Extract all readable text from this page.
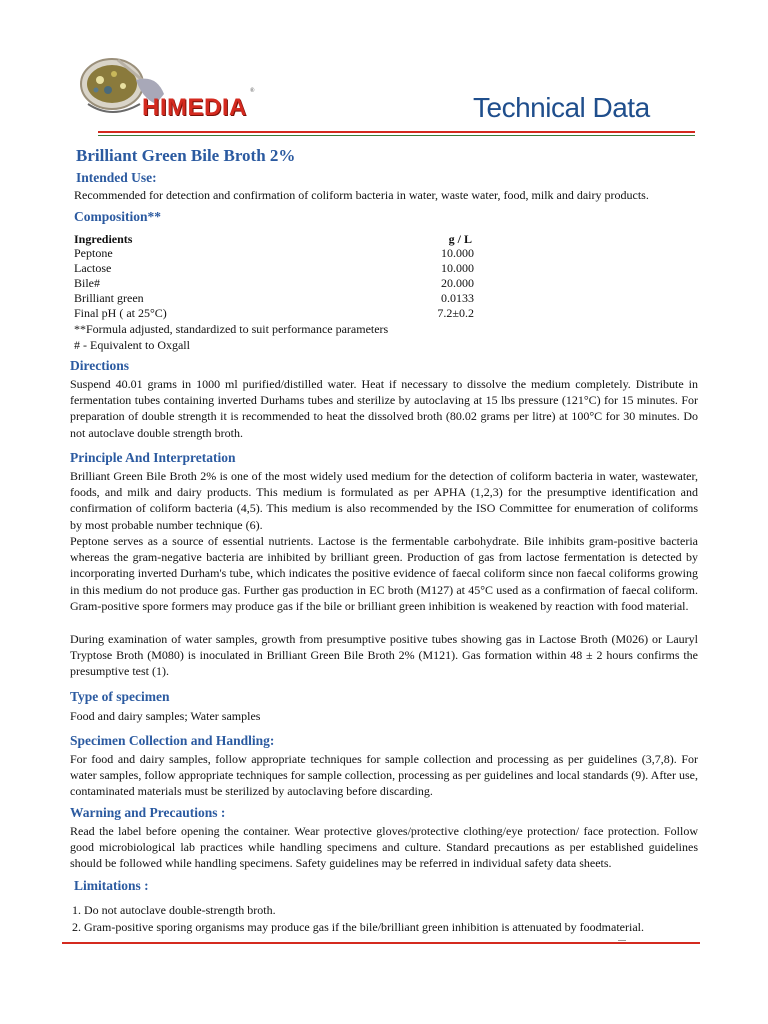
HIMEDIA
®
Technical Data
Brilliant Green Bile Broth 2%
Intended Use:
Recommended for detection and confirmation of coliform bacteria in water, waste water, food, milk and dairy products.
Composition**
Ingredients	g / L
Peptone	10.000
Lactose	10.000
Bile#	20.000
Brilliant green	0.0133
Final pH ( at 25°C)	7.2±0.2
**Formula adjusted, standardized to suit performance parameters
# - Equivalent to Oxgall
Directions
Suspend 40.01 grams in 1000 ml purified/distilled water. Heat if necessary to dissolve the medium completely. Distribute in fermentation tubes containing inverted Durhams tubes and sterilize by autoclaving at 15 lbs pressure (121°C) for 15 minutes. For preparation of double strength it is recommended to heat the dissolved broth (80.02 grams per litre) at 100°C for 30 minutes. Do not autoclave double strength broth.
Principle And Interpretation
Brilliant Green Bile Broth 2% is one of the most widely used medium for the detection of coliform bacteria in water, wastewater, foods, and milk and dairy products. This medium is formulated as per APHA (1,2,3) for the presumptive identification and confirmation of coliform bacteria (4,5). This medium is also recommended by the ISO Committee for enumeration of coliforms by most probable number technique (6).
Peptone serves as a source of essential nutrients. Lactose is the fermentable carbohydrate. Bile inhibits gram-positive bacteria whereas the gram-negative bacteria are inhibited by brilliant green. Production of gas from lactose fermentation is detected by incorporating inverted Durham's tube, which indicates the positive evidence of faecal coliform since non faecal coliforms growing in this medium do not produce gas. Further gas production in EC broth (M127) at 45°C used as a confirmation of faecal coliform. Gram-positive spore formers may produce gas if the bile or brilliant green inhibition is weakened by reaction with food material.
During examination of water samples, growth from presumptive positive tubes showing gas in Lactose Broth (M026) or Lauryl Tryptose Broth (M080) is inoculated in Brilliant Green Bile Broth 2% (M121). Gas formation within 48 ± 2 hours confirms the presumptive test (1).
Type of specimen
Food and dairy samples; Water samples
Specimen Collection and Handling:
For food and dairy samples, follow appropriate techniques for sample collection and processing as per guidelines (3,7,8). For water samples, follow appropriate techniques for sample collection, processing as per guidelines and local standards (9). After use, contaminated materials must be sterilized by autoclaving before discarding.
Warning and Precautions :
Read the label before opening the container. Wear protective gloves/protective clothing/eye protection/ face protection. Follow good microbiological lab practices while handling specimens and culture. Standard precautions as per established guidelines should be followed while handling specimens. Safety guidelines may be referred in individual safety data sheets.
Limitations :
1. Do not autoclave double-strength broth.
2. Gram-positive sporing organisms may produce gas if the bile/brilliant green inhibition is attenuated by foodmaterial.
